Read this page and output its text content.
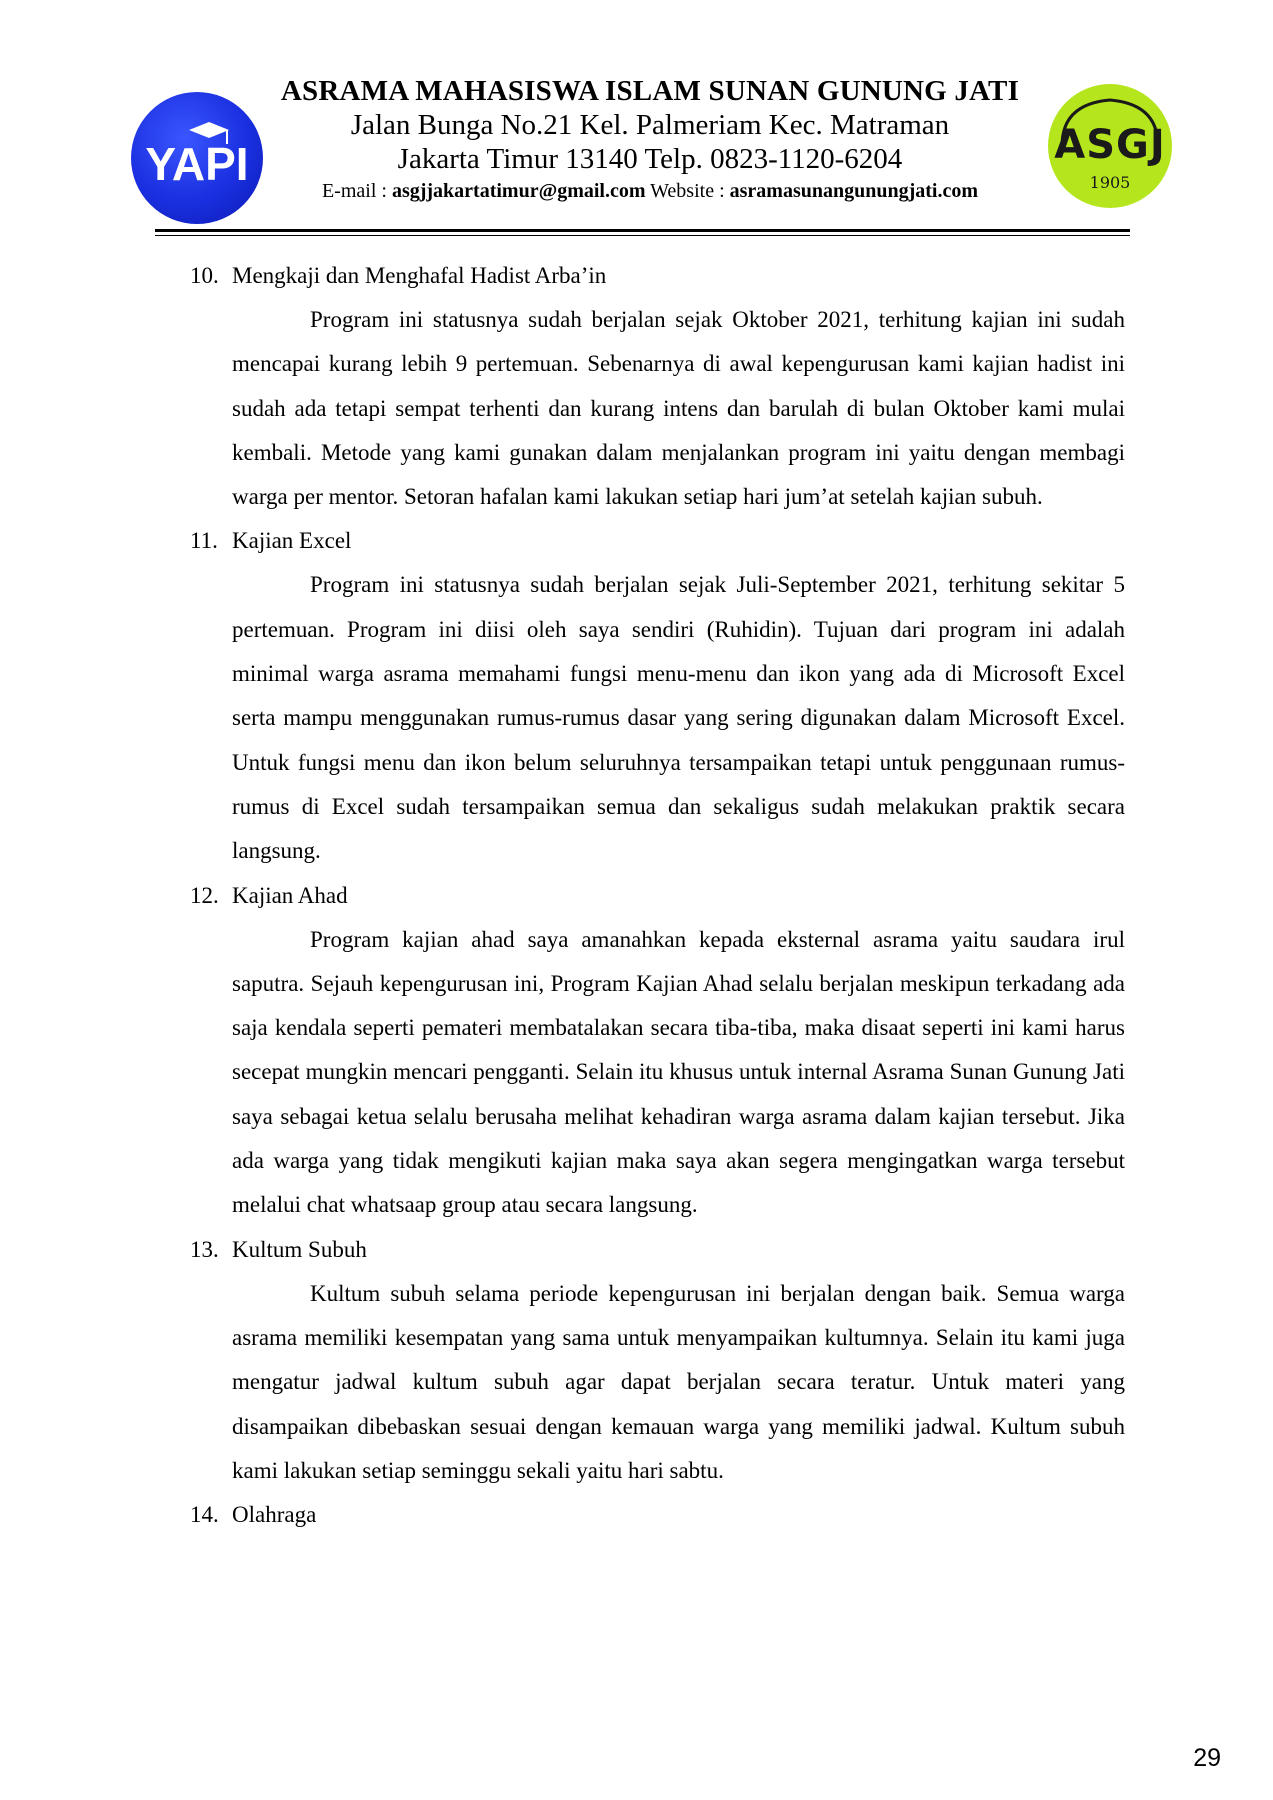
YAPI
ASRAMA MAHASISWA ISLAM SUNAN GUNUNG JATI
Jalan Bunga No.21 Kel. Palmeriam Kec. Matraman
Jakarta Timur 13140 Telp. 0823-1120-6204
E-mail : asgjjakartatimur@gmail.com Website : asramasunangunungjati.com
ASGJ
1905
10. Mengkaji dan Menghafal Hadist Arba’in
Program ini statusnya sudah berjalan sejak Oktober 2021, terhitung kajian ini sudah mencapai kurang lebih 9 pertemuan. Sebenarnya di awal kepengurusan kami kajian hadist ini sudah ada tetapi sempat terhenti dan kurang intens dan barulah di bulan Oktober kami mulai kembali. Metode yang kami gunakan dalam menjalankan program ini yaitu dengan membagi warga per mentor. Setoran hafalan kami lakukan setiap hari jum’at setelah kajian subuh.
11. Kajian Excel
Program ini statusnya sudah berjalan sejak Juli-September 2021, terhitung sekitar 5 pertemuan. Program ini diisi oleh saya sendiri (Ruhidin). Tujuan dari program ini adalah minimal warga asrama memahami fungsi menu-menu dan ikon yang ada di Microsoft Excel serta mampu menggunakan rumus-rumus dasar yang sering digunakan dalam Microsoft Excel. Untuk fungsi menu dan ikon belum seluruhnya tersampaikan tetapi untuk penggunaan rumus-rumus di Excel sudah tersampaikan semua dan sekaligus sudah melakukan praktik secara langsung.
12. Kajian Ahad
Program kajian ahad saya amanahkan kepada eksternal asrama yaitu saudara irul saputra. Sejauh kepengurusan ini, Program Kajian Ahad selalu berjalan meskipun terkadang ada saja kendala seperti pemateri membatalakan secara tiba-tiba, maka disaat seperti ini kami harus secepat mungkin mencari pengganti. Selain itu khusus untuk internal Asrama Sunan Gunung Jati saya sebagai ketua selalu berusaha melihat kehadiran warga asrama dalam kajian tersebut. Jika ada warga yang tidak mengikuti kajian maka saya akan segera mengingatkan warga tersebut melalui chat whatsaap group atau secara langsung.
13. Kultum Subuh
Kultum subuh selama periode kepengurusan ini berjalan dengan baik. Semua warga asrama memiliki kesempatan yang sama untuk menyampaikan kultumnya. Selain itu kami juga mengatur jadwal kultum subuh agar dapat berjalan secara teratur. Untuk materi yang disampaikan dibebaskan sesuai dengan kemauan warga yang memiliki jadwal. Kultum subuh kami lakukan setiap seminggu sekali yaitu hari sabtu.
14. Olahraga
29
